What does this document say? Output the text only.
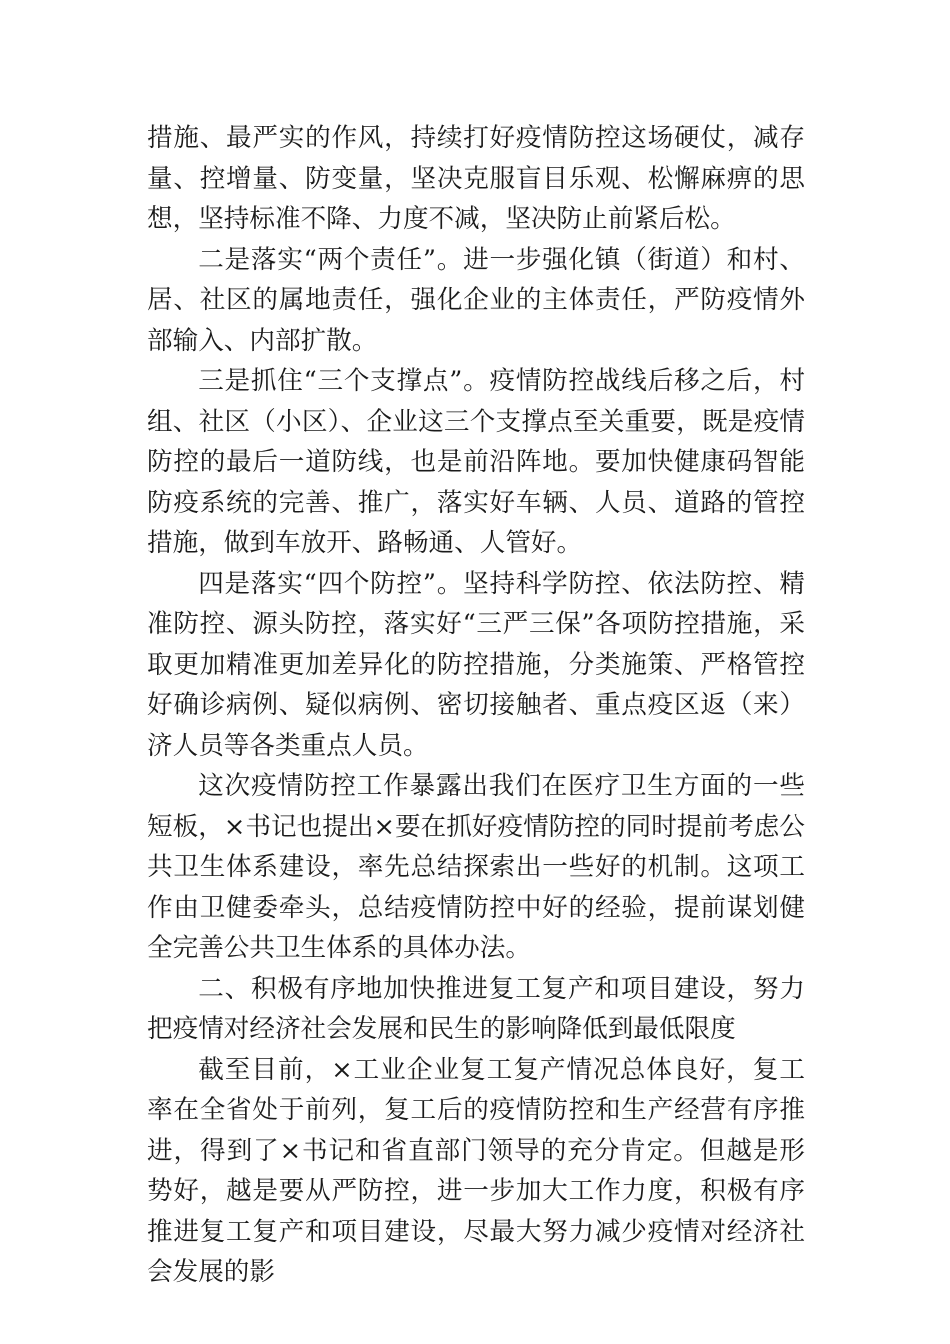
措施、最严实的作风，持续打好疫情防控这场硬仗，减存量、控增量、防变量，坚决克服盲目乐观、松懈麻痹的思想，坚持标准不降、力度不减，坚决防止前紧后松。

二是落实“两个责任”。进一步强化镇（街道）和村、居、社区的属地责任，强化企业的主体责任，严防疫情外部输入、内部扩散。

三是抓住“三个支撑点”。疫情防控战线后移之后，村组、社区（小区）、企业这三个支撑点至关重要，既是疫情防控的最后一道防线，也是前沿阵地。要加快健康码智能防疫系统的完善、推广，落实好车辆、人员、道路的管控措施，做到车放开、路畅通、人管好。

四是落实“四个防控”。坚持科学防控、依法防控、精准防控、源头防控，落实好“三严三保”各项防控措施，采取更加精准更加差异化的防控措施，分类施策、严格管控好确诊病例、疑似病例、密切接触者、重点疫区返（来）济人员等各类重点人员。

这次疫情防控工作暴露出我们在医疗卫生方面的一些短板，×书记也提出×要在抓好疫情防控的同时提前考虑公共卫生体系建设，率先总结探索出一些好的机制。这项工作由卫健委牵头，总结疫情防控中好的经验，提前谋划健全完善公共卫生体系的具体办法。

二、积极有序地加快推进复工复产和项目建设，努力把疫情对经济社会发展和民生的影响降低到最低限度

截至目前，×工业企业复工复产情况总体良好，复工率在全省处于前列，复工后的疫情防控和生产经营有序推进，得到了×书记和省直部门领导的充分肯定。但越是形势好，越是要从严防控，进一步加大工作力度，积极有序推进复工复产和项目建设，尽最大努力减少疫情对经济社会发展的影
